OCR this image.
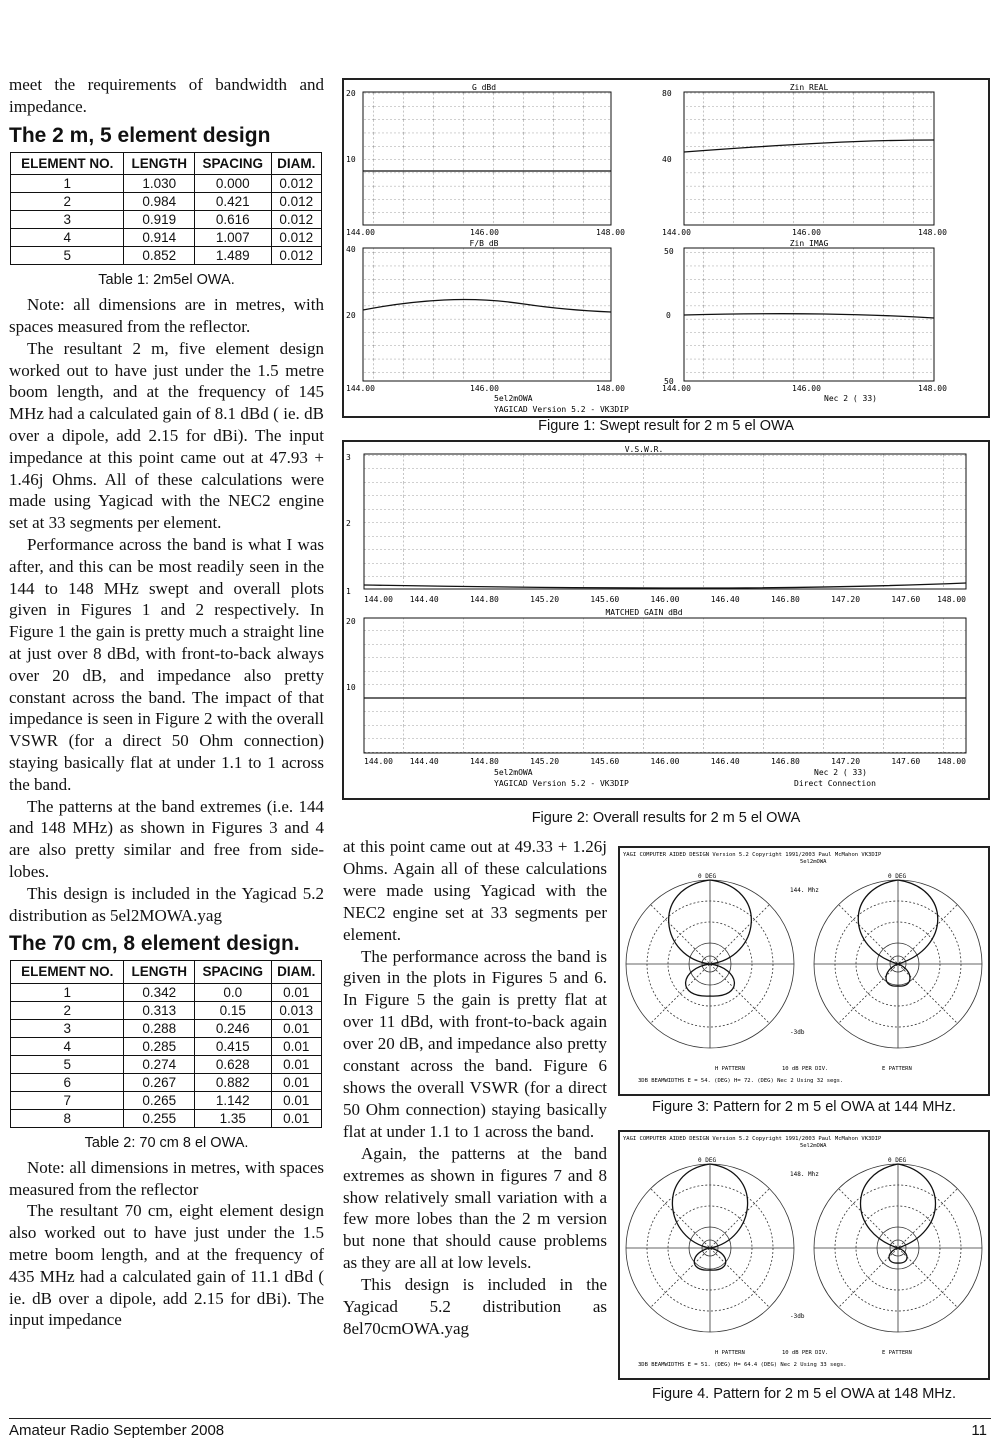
meet the requirements of bandwidth and impedance.

The 2 m, 5 element design
ELEMENT NO.	LENGTH	SPACING	DIAM.
1	1.030	0.000	0.012
2	0.984	0.421	0.012
3	0.919	0.616	0.012
4	0.914	1.007	0.012
5	0.852	1.489	0.012
Table 1: 2m5el OWA.

Note: all dimensions are in metres, with spaces measured from the reflector.

The resultant 2 m, five element design worked out to have just under the 1.5 metre boom length, and at the frequency of 145 MHz had a calculated gain of 8.1 dBd ( ie. dB over a dipole, add 2.15 for dBi). The input impedance at this point came out at 47.93 + 1.46j Ohms. All of these calculations were made using Yagicad with the NEC2 engine set at 33 segments per element.

Performance across the band is what I was after, and this can be most readily seen in the 144 to 148 MHz swept and overall plots given in Figures 1 and 2 respectively. In Figure 1 the gain is pretty much a straight line at just over 8 dBd, with front-to-back always over 20 dB, and impedance also pretty constant across the band. The impact of that impedance is seen in Figure 2 with the overall VSWR (for a direct 50 Ohm connection) staying basically flat at under 1.1 to 1 across the band.

The patterns at the band extremes (i.e. 144 and 148 MHz) as shown in Figures 3 and 4 are also pretty similar and free from side-lobes.

This design is included in the Yagicad 5.2 distribution as 5el2MOWA.yag

The 70 cm, 8 element design.
ELEMENT NO.	LENGTH	SPACING	DIAM.
1	0.342	0.0	0.01
2	0.313	0.15	0.013
3	0.288	0.246	0.01
4	0.285	0.415	0.01
5	0.274	0.628	0.01
6	0.267	0.882	0.01
7	0.265	1.142	0.01
8	0.255	1.35	0.01
Table 2: 70 cm 8 el OWA.

Note: all dimensions in metres, with spaces measured from the reflector

The resultant 70 cm, eight element design also worked out to have just under the 1.5 metre boom length, and at the frequency of 435 MHz had a calculated gain of 11.1 dBd ( ie. dB over a dipole, add 2.15 for dBi). The input impedance

G dBd
20
10
144.00	146.00	148.00
F/B dB
40
20
144.00	146.00	148.00
5el2mOWA
YAGICAD Version 5.2 - VK3DIP
Zin REAL
80
40
144.00	146.00	148.00
Zin IMAG
50
0
50
144.00	146.00	148.00
Nec 2 ( 33)
Figure 1: Swept result for 2 m 5 el OWA
V.S.W.R.
3
2
1
144.00 144.40	144.80	145.20	145.60	146.00	146.40	146.80	147.20	147.60 148.00
MATCHED GAIN dBd
20
10
144.00 144.40	144.80	145.20	145.60	146.00	146.40	146.80	147.20	147.60 148.00
5el2mOWA
YAGICAD Version 5.2 - VK3DIP
Nec 2 ( 33)
Direct Connection
Figure 2: Overall results for 2 m 5 el OWA

at this point came out at 49.33 + 1.26j Ohms. Again all of these calculations were made using Yagicad with the NEC2 engine set at 33 segments per element.

The performance across the band is given in the plots in Figures 5 and 6. In Figure 5 the gain is pretty flat at over 11 dBd, with front-to-back again over 20 dB, and impedance also pretty constant across the band. Figure 6 shows the overall VSWR (for a direct 50 Ohm connection) staying basically flat at under 1.1 to 1 across the band.

Again, the patterns at the band extremes as shown in figures 7 and 8 show relatively small variation with a few more lobes than the 2 m version but none that should cause problems as they are all at low levels.

This design is included in the Yagicad 5.2 distribution as 8el70cmOWA.yag

YAGI COMPUTER AIDED DESIGN Version 5.2 Copyright 1991/2003 Paul McMahon VK3DIP
5el2mOWA
144. Mhz
0 DEG	0 DEG
-3db
H PATTERN	10 dB PER DIV.	E PATTERN
3DB BEAMWIDTHS E = 54. (DEG) H= 72. (DEG) Nec 2 Using 32 segs.
Figure 3: Pattern for 2 m 5 el OWA at 144 MHz.
YAGI COMPUTER AIDED DESIGN Version 5.2 Copyright 1991/2003 Paul McMahon VK3DIP
5el2mOWA
148. Mhz
0 DEG	0 DEG
-3db
H PATTERN	10 dB PER DIV.	E PATTERN
3DB BEAMWIDTHS E = 51. (DEG) H= 64.4 (DEG) Nec 2 Using 33 segs.
Figure 4. Pattern for 2 m 5 el OWA at 148 MHz.
Amateur Radio September 2008	11
